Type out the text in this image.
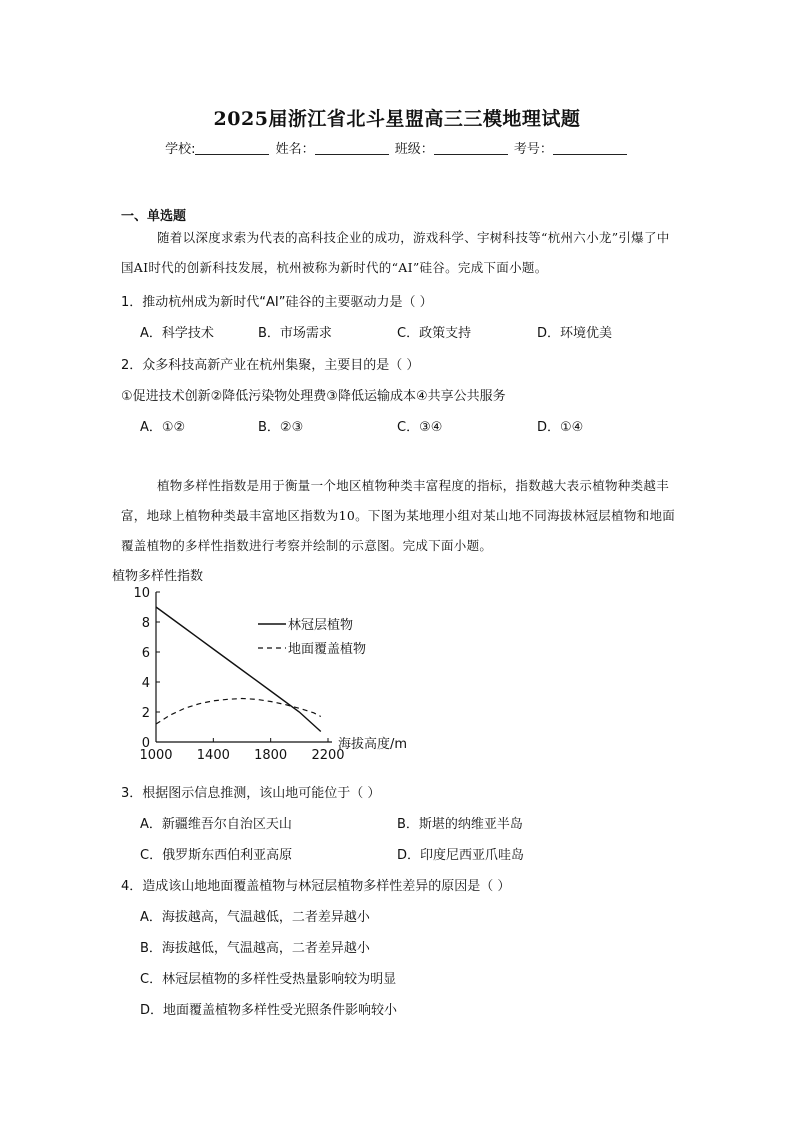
2025届浙江省北斗星盟高三三模地理试题
学校:	姓名：	班级：	考号：
一、单选题
随着以深度求索为代表的高科技企业的成功，游戏科学、宇树科技等“杭州六小龙”引爆了中国AI时代的创新科技发展，杭州被称为新时代的“AI”硅谷。完成下面小题。
1．推动杭州成为新时代“AI”硅谷的主要驱动力是（ ）
A．科学技术	B．市场需求	C．政策支持	D．环境优美
2．众多科技高新产业在杭州集聚，主要目的是（ ）
①促进技术创新②降低污染物处理费③降低运输成本④共享公共服务
A．①②	B．②③	C．③④	D．①④
植物多样性指数是用于衡量一个地区植物种类丰富程度的指标，指数越大表示植物种类越丰富，地球上植物种类最丰富地区指数为10。下图为某地理小组对某山地不同海拔林冠层植物和地面覆盖植物的多样性指数进行考察并绘制的示意图。完成下面小题。
植物多样性指数
海拔高度/m
0
2
4
6
8
10
1000 1400 1800 2200
林冠层植物
地面覆盖植物
3．根据图示信息推测，该山地可能位于（ ）
A．新疆维吾尔自治区天山	B．斯堪的纳维亚半岛
C．俄罗斯东西伯利亚高原	D．印度尼西亚爪哇岛
4．造成该山地地面覆盖植物与林冠层植物多样性差异的原因是（ ）
A．海拔越高，气温越低，二者差异越小
B．海拔越低，气温越高，二者差异越小
C．林冠层植物的多样性受热量影响较为明显
D．地面覆盖植物多样性受光照条件影响较小
